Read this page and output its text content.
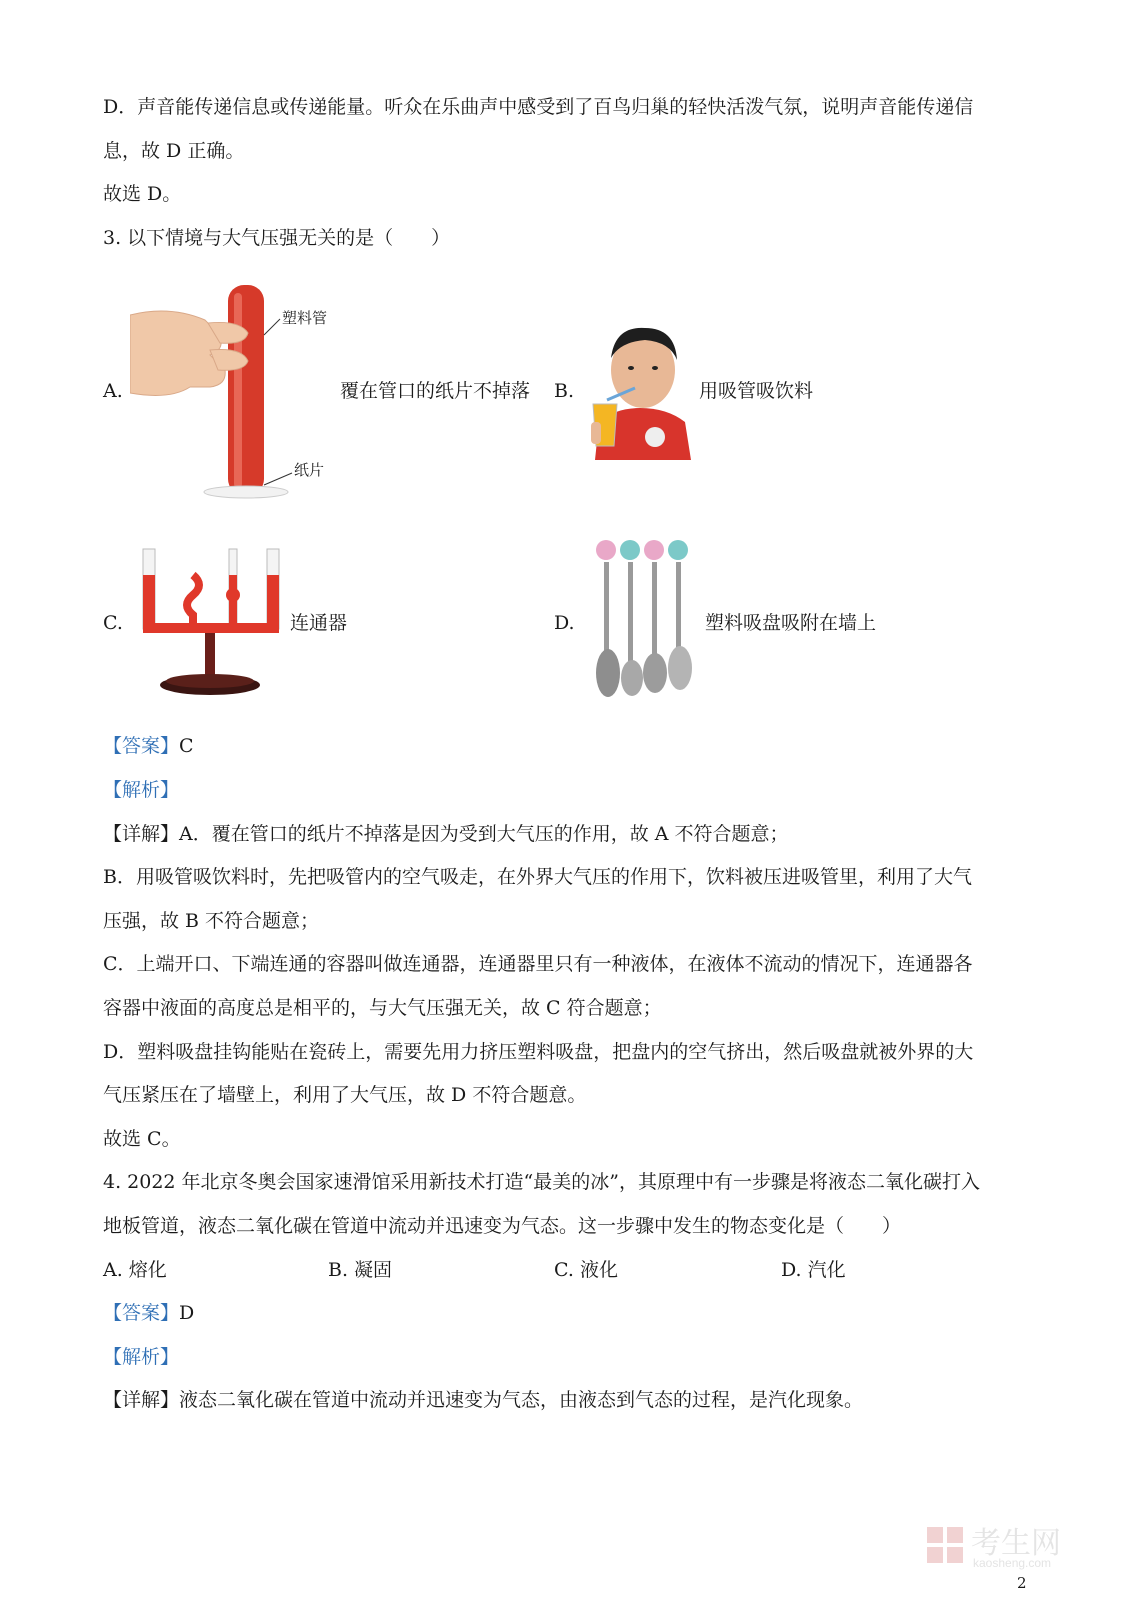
D．声音能传递信息或传递能量。听众在乐曲声中感受到了百鸟归巢的轻快活泼气氛，说明声音能传递信
息，故 D 正确。
故选 D。
3. 以下情境与大气压强无关的是（　　）
A.
塑料管
纸片
覆在管口的纸片不掉落 B.	用吸管吸饮料
C.	连通器	D.	塑料吸盘吸附在墙上
【答案】C
【解析】
【详解】A．覆在管口的纸片不掉落是因为受到大气压的作用，故 A 不符合题意；
B．用吸管吸饮料时，先把吸管内的空气吸走，在外界大气压的作用下，饮料被压进吸管里，利用了大气
压强，故 B 不符合题意；
C．上端开口、下端连通的容器叫做连通器，连通器里只有一种液体，在液体不流动的情况下，连通器各
容器中液面的高度总是相平的，与大气压强无关，故 C 符合题意；
D．塑料吸盘挂钩能贴在瓷砖上，需要先用力挤压塑料吸盘，把盘内的空气挤出，然后吸盘就被外界的大
气压紧压在了墙壁上，利用了大气压，故 D 不符合题意。
故选 C。
4. 2022 年北京冬奥会国家速滑馆采用新技术打造“最美的冰”，其原理中有一步骤是将液态二氧化碳打入
地板管道，液态二氧化碳在管道中流动并迅速变为气态。这一步骤中发生的物态变化是（　　）
A. 熔化	B. 凝固	C. 液化	D. 汽化
【答案】D
【解析】
【详解】液态二氧化碳在管道中流动并迅速变为气态，由液态到气态的过程，是汽化现象。
考生网
kaosheng.com
2
